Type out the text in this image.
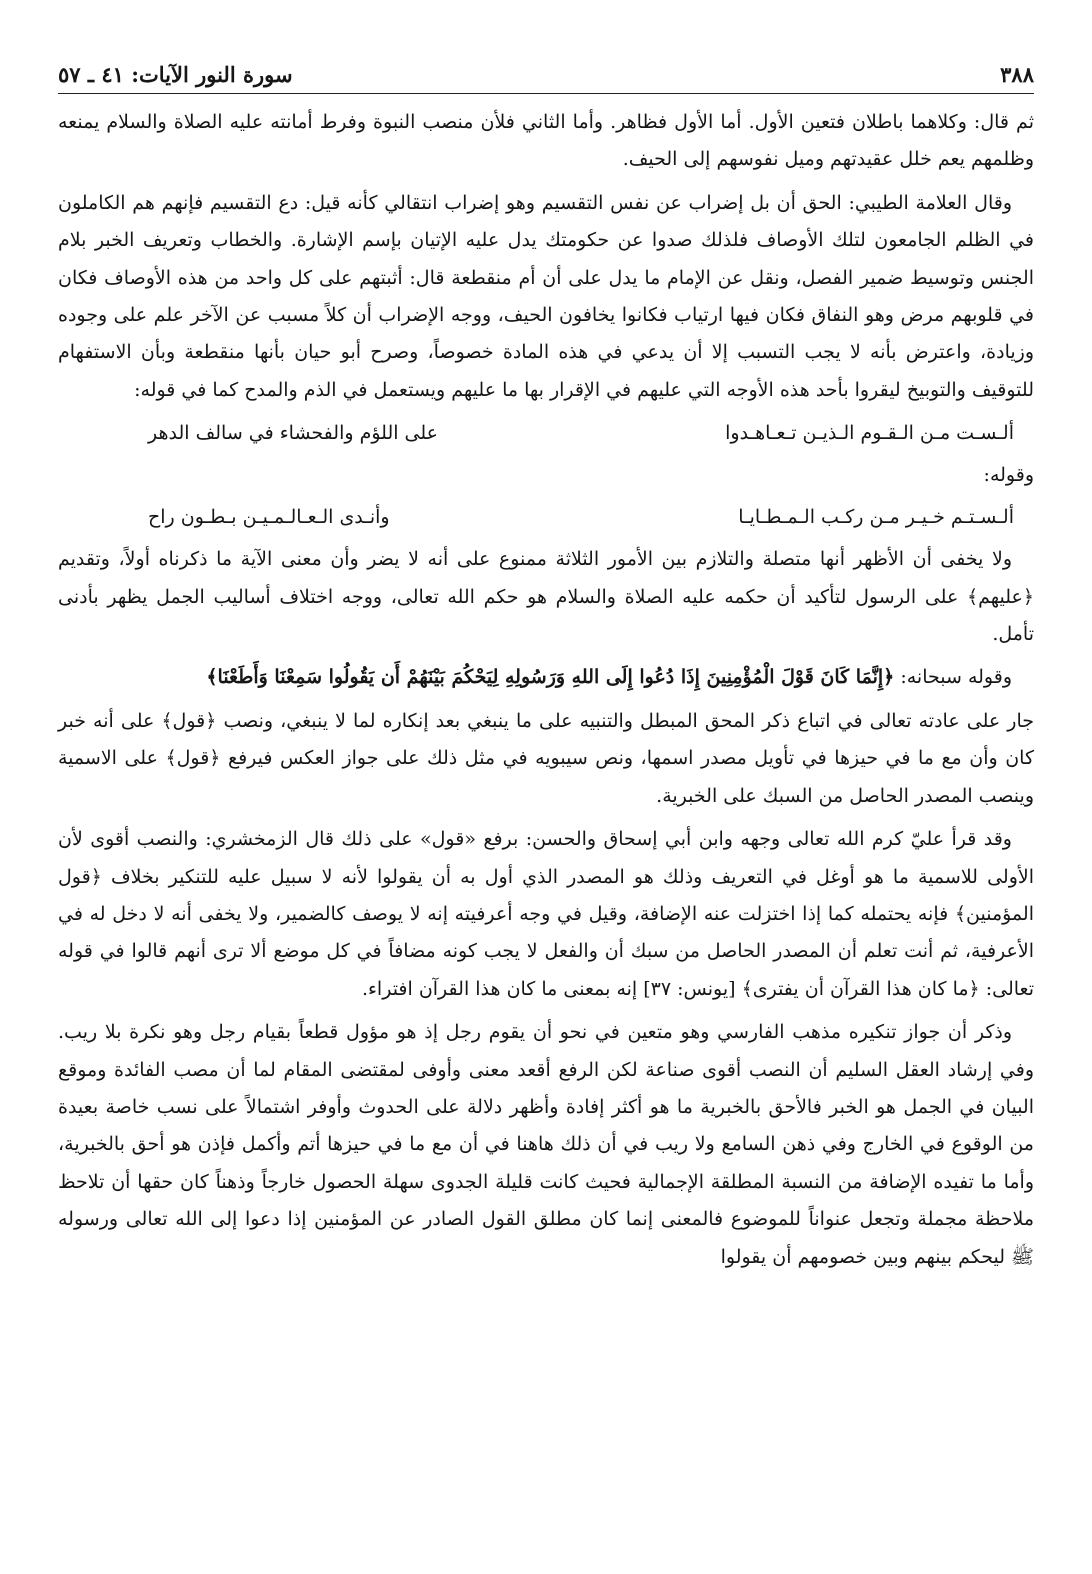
٣٨٨
سورة النور الآيات: ٤١ ـ ٥٧

ثم قال: وكلاهما باطلان فتعين الأول. أما الأول فظاهر. وأما الثاني فلأن منصب النبوة وفرط أمانته عليه الصلاة والسلام يمنعه وظلمهم يعم خلل عقيدتهم وميل نفوسهم إلى الحيف.

وقال العلامة الطيبي: الحق أن بل إضراب عن نفس التقسيم وهو إضراب انتقالي كأنه قيل: دع التقسيم فإنهم هم الكاملون في الظلم الجامعون لتلك الأوصاف فلذلك صدوا عن حكومتك يدل عليه الإتيان بإسم الإشارة. والخطاب وتعريف الخبر بلام الجنس وتوسيط ضمير الفصل، ونقل عن الإمام ما يدل على أن أم منقطعة قال: أثبتهم على كل واحد من هذه الأوصاف فكان في قلوبهم مرض وهو النفاق فكان فيها ارتياب فكانوا يخافون الحيف، ووجه الإضراب أن كلاً مسبب عن الآخر علم على وجوده وزيادة، واعترض بأنه لا يجب التسبب إلا أن يدعي في هذه المادة خصوصاً، وصرح أبو حيان بأنها منقطعة وبأن الاستفهام للتوقيف والتوبيخ ليقروا بأحد هذه الأوجه التي عليهم في الإقرار بها ما عليهم ويستعمل في الذم والمدح كما في قوله:

ألـسـت مـن الـقـوم الـذيـن تـعـاهـدوا
على اللؤم والفحشاء في سالف الدهر
وقوله:
ألـسـتـم خـيـر مـن ركـب الـمـطـايـا
وأنـدى الـعـالـمـيـن بـطـون راح

ولا يخفى أن الأظهر أنها متصلة والتلازم بين الأمور الثلاثة ممنوع على أنه لا يضر وأن معنى الآية ما ذكرناه أولاً، وتقديم ﴿عليهم﴾ على الرسول لتأكيد أن حكمه عليه الصلاة والسلام هو حكم الله تعالى، ووجه اختلاف أساليب الجمل يظهر بأدنى تأمل.

وقوله سبحانه: ﴿إِنَّمَا كَانَ قَوْلَ الْمُؤْمِنِينَ إِذَا دُعُوا إِلَى اللهِ وَرَسُولِهِ لِيَحْكُمَ بَيْنَهُمْ أَن يَقُولُوا سَمِعْنَا وَأَطَعْنَا﴾

جار على عادته تعالى في اتباع ذكر المحق المبطل والتنبيه على ما ينبغي بعد إنكاره لما لا ينبغي، ونصب ﴿قول﴾ على أنه خبر كان وأن مع ما في حيزها في تأويل مصدر اسمها، ونص سيبويه في مثل ذلك على جواز العكس فيرفع ﴿قول﴾ على الاسمية وينصب المصدر الحاصل من السبك على الخبرية.

وقد قرأ عليّ كرم الله تعالى وجهه وابن أبي إسحاق والحسن: برفع «قول» على ذلك قال الزمخشري: والنصب أقوى لأن الأولى للاسمية ما هو أوغل في التعريف وذلك هو المصدر الذي أول به أن يقولوا لأنه لا سبيل عليه للتنكير بخلاف ﴿قول المؤمنين﴾ فإنه يحتمله كما إذا اختزلت عنه الإضافة، وقيل في وجه أعرفيته إنه لا يوصف كالضمير، ولا يخفى أنه لا دخل له في الأعرفية، ثم أنت تعلم أن المصدر الحاصل من سبك أن والفعل لا يجب كونه مضافاً في كل موضع ألا ترى أنهم قالوا في قوله تعالى: ﴿ما كان هذا القرآن أن يفترى﴾ [يونس: ٣٧] إنه بمعنى ما كان هذا القرآن افتراء.

وذكر أن جواز تنكيره مذهب الفارسي وهو متعين في نحو أن يقوم رجل إذ هو مؤول قطعاً بقيام رجل وهو نكرة بلا ريب. وفي إرشاد العقل السليم أن النصب أقوى صناعة لكن الرفع أقعد معنى وأوفى لمقتضى المقام لما أن مصب الفائدة وموقع البيان في الجمل هو الخبر فالأحق بالخبرية ما هو أكثر إفادة وأظهر دلالة على الحدوث وأوفر اشتمالاً على نسب خاصة بعيدة من الوقوع في الخارج وفي ذهن السامع ولا ريب في أن ذلك هاهنا في أن مع ما في حيزها أتم وأكمل فإذن هو أحق بالخبرية، وأما ما تفيده الإضافة من النسبة المطلقة الإجمالية فحيث كانت قليلة الجدوى سهلة الحصول خارجاً وذهناً كان حقها أن تلاحظ ملاحظة مجملة وتجعل عنواناً للموضوع فالمعنى إنما كان مطلق القول الصادر عن المؤمنين إذا دعوا إلى الله تعالى ورسوله ﷺ ليحكم بينهم وبين خصومهم أن يقولوا
